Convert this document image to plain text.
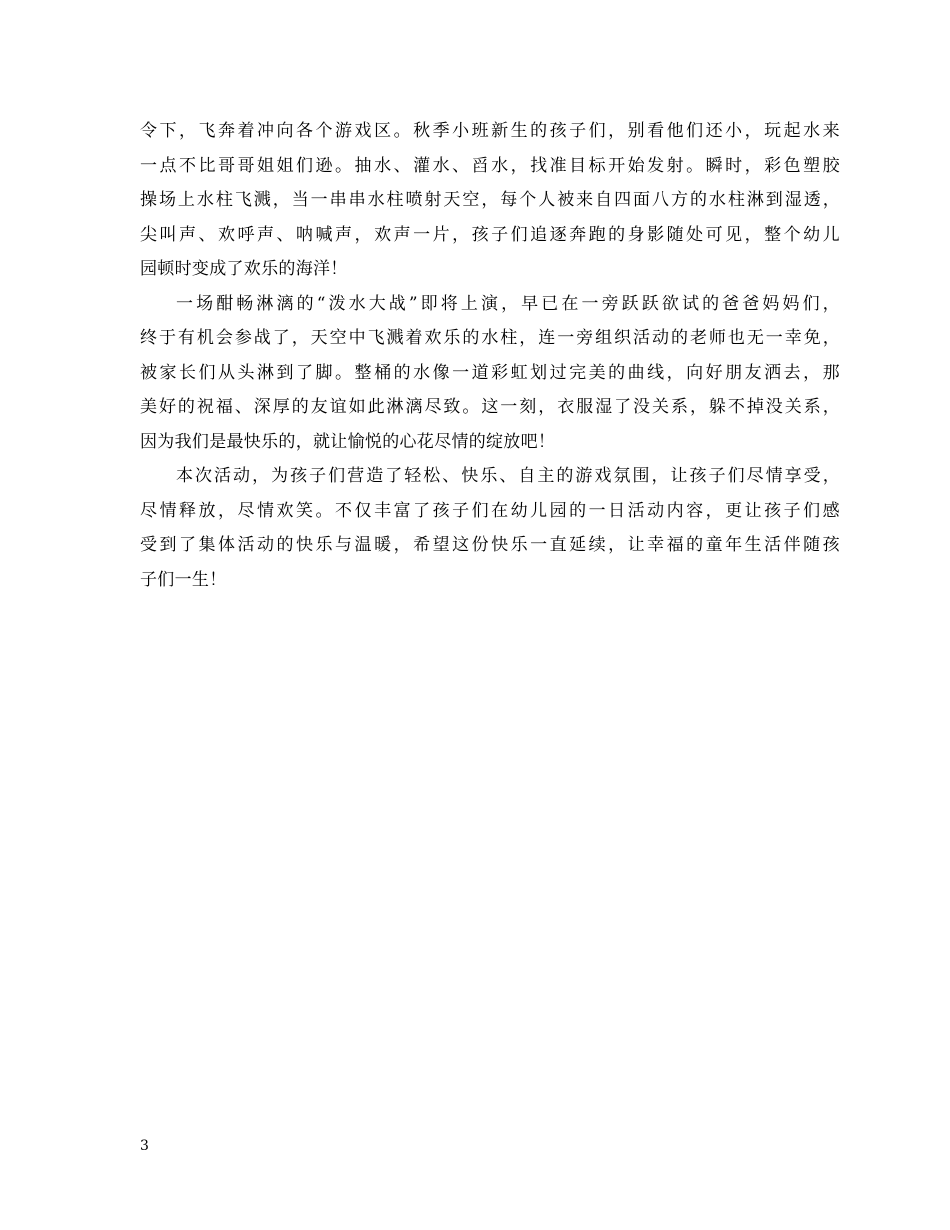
令下，飞奔着冲向各个游戏区。秋季小班新生的孩子们，别看他们还小，玩起水来
一点不比哥哥姐姐们逊。抽水、灌水、舀水，找准目标开始发射。瞬时，彩色塑胶
操场上水柱飞溅，当一串串水柱喷射天空，每个人被来自四面八方的水柱淋到湿透，
尖叫声、欢呼声、呐喊声，欢声一片，孩子们追逐奔跑的身影随处可见，整个幼儿
园顿时变成了欢乐的海洋！
一场酣畅淋漓的“泼水大战”即将上演，早已在一旁跃跃欲试的爸爸妈妈们，
终于有机会参战了，天空中飞溅着欢乐的水柱，连一旁组织活动的老师也无一幸免，
被家长们从头淋到了脚。整桶的水像一道彩虹划过完美的曲线，向好朋友洒去，那
美好的祝福、深厚的友谊如此淋漓尽致。这一刻，衣服湿了没关系，躲不掉没关系，
因为我们是最快乐的，就让愉悦的心花尽情的绽放吧！
本次活动，为孩子们营造了轻松、快乐、自主的游戏氛围，让孩子们尽情享受，
尽情释放，尽情欢笑。不仅丰富了孩子们在幼儿园的一日活动内容，更让孩子们感
受到了集体活动的快乐与温暖，希望这份快乐一直延续，让幸福的童年生活伴随孩
子们一生！
3
